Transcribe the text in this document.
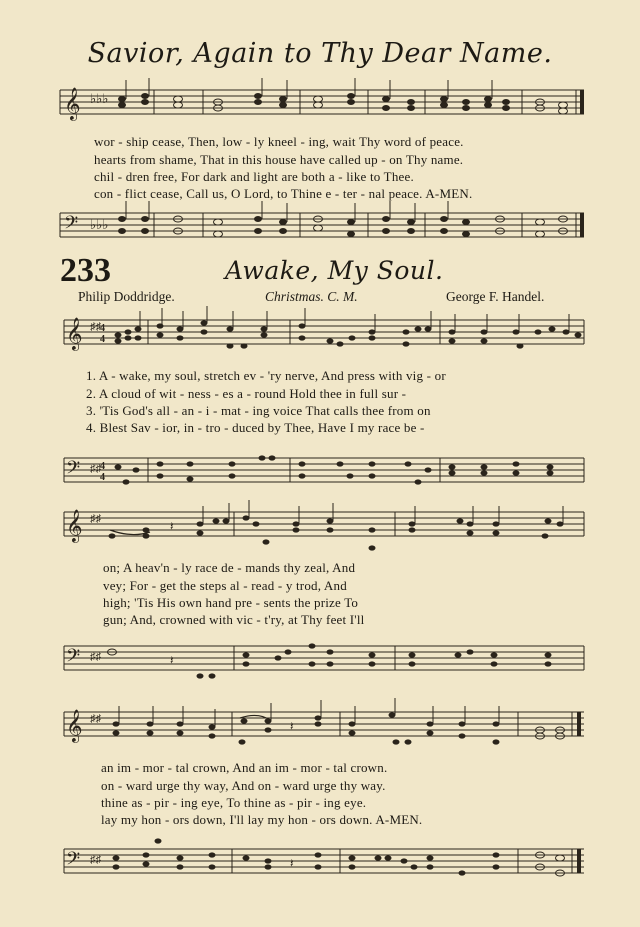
Savior, Again to Thy Dear Name.
𝄞 ♭♭♭
wor - ship cease, Then, low - ly kneel - ing, wait Thy word of peace.
hearts from shame, That in this house have called up - on Thy name.
chil - dren free, For dark and light are both a - like to Thee.
con - flict cease, Call us, O Lord, to Thine e - ter - nal peace. A-MEN.
𝄢 ♭♭♭
233	Awake, My Soul.
Philip Doddridge.	Christmas. C. M.	George F. Handel.
𝄞 ♯♯ 4
4
1. A - wake, my soul, stretch ev - 'ry nerve, And press with vig - or
2. A cloud of wit - ness - es a - round Hold thee in full sur -
3. 'Tis God's all - an - i - mat - ing voice That calls thee from on
4. Blest Sav - ior, in - tro - duced by Thee, Have I my race be -
𝄢 ♯♯ 4
4
𝄞 ♯♯	𝄽
on; A heav'n - ly race de - mands thy zeal, And
vey; For - get the steps al - read - y trod, And
high; 'Tis His own hand pre - sents the prize To
gun; And, crowned with vic - t'ry, at Thy feet I'll
𝄢 ♯♯	𝄽
𝄞 ♯♯	𝄽
an im - mor - tal crown, And an im - mor - tal crown.
on - ward urge thy way, And on - ward urge thy way.
thine as - pir - ing eye, To thine as - pir - ing eye.
lay my hon - ors down, I'll lay my hon - ors down. A-MEN.
𝄢 ♯♯	𝄽
